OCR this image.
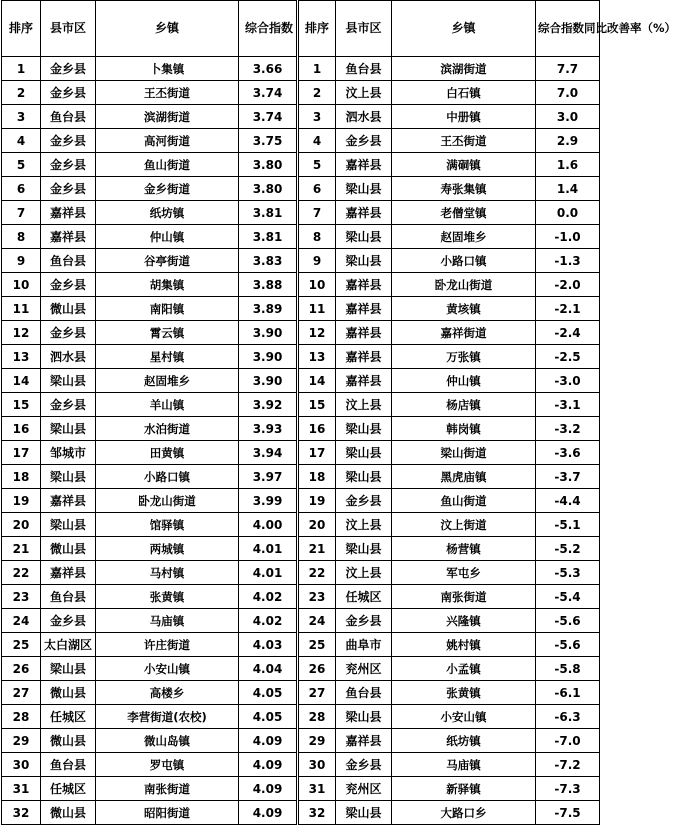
排序	县市区	乡镇	综合指数
1	金乡县	卜集镇	3.66
2	金乡县	王丕街道	3.74
3	鱼台县	滨湖街道	3.74
4	金乡县	高河街道	3.75
5	金乡县	鱼山街道	3.80
6	金乡县	金乡街道	3.80
7	嘉祥县	纸坊镇	3.81
8	嘉祥县	仲山镇	3.81
9	鱼台县	谷亭街道	3.83
10	金乡县	胡集镇	3.88
11	微山县	南阳镇	3.89
12	金乡县	霄云镇	3.90
13	泗水县	星村镇	3.90
14	梁山县	赵固堆乡	3.90
15	金乡县	羊山镇	3.92
16	梁山县	水泊街道	3.93
17	邹城市	田黄镇	3.94
18	梁山县	小路口镇	3.97
19	嘉祥县	卧龙山街道	3.99
20	梁山县	馆驿镇	4.00
21	微山县	两城镇	4.01
22	嘉祥县	马村镇	4.01
23	鱼台县	张黄镇	4.02
24	金乡县	马庙镇	4.02
25	太白湖区	许庄街道	4.03
26	梁山县	小安山镇	4.04
27	微山县	高楼乡	4.05
28	任城区	李营街道(农校)	4.05
29	微山县	微山岛镇	4.09
30	鱼台县	罗屯镇	4.09
31	任城区	南张街道	4.09
32	微山县	昭阳街道	4.09
排序	县市区	乡镇	综合指数同比改善率（%）
1	鱼台县	滨湖街道	7.7
2	汶上县	白石镇	7.0
3	泗水县	中册镇	3.0
4	金乡县	王丕街道	2.9
5	嘉祥县	满硐镇	1.6
6	梁山县	寿张集镇	1.4
7	嘉祥县	老僧堂镇	0.0
8	梁山县	赵固堆乡	-1.0
9	梁山县	小路口镇	-1.3
10	嘉祥县	卧龙山街道	-2.0
11	嘉祥县	黄垓镇	-2.1
12	嘉祥县	嘉祥街道	-2.4
13	嘉祥县	万张镇	-2.5
14	嘉祥县	仲山镇	-3.0
15	汶上县	杨店镇	-3.1
16	梁山县	韩岗镇	-3.2
17	梁山县	梁山街道	-3.6
18	梁山县	黑虎庙镇	-3.7
19	金乡县	鱼山街道	-4.4
20	汶上县	汶上街道	-5.1
21	梁山县	杨营镇	-5.2
22	汶上县	军屯乡	-5.3
23	任城区	南张街道	-5.4
24	金乡县	兴隆镇	-5.6
25	曲阜市	姚村镇	-5.6
26	兖州区	小孟镇	-5.8
27	鱼台县	张黄镇	-6.1
28	梁山县	小安山镇	-6.3
29	嘉祥县	纸坊镇	-7.0
30	金乡县	马庙镇	-7.2
31	兖州区	新驿镇	-7.3
32	梁山县	大路口乡	-7.5
